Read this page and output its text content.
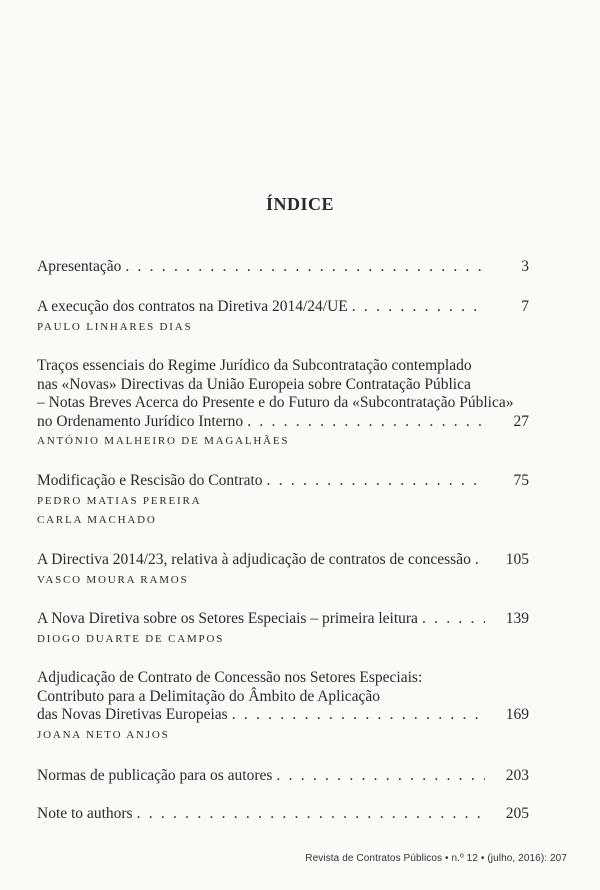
ÍNDICE
Apresentação . . .	3
A execução dos contratos na Diretiva 2014/24/UE . . .	7
PAULO LINHARES DIAS
Traços essenciais do Regime Jurídico da Subcontratação contemplado
nas «Novas» Directivas da União Europeia sobre Contratação Pública
– Notas Breves Acerca do Presente e do Futuro da «Subcontratação Pública»
no Ordenamento Jurídico Interno . . .	27
ANTÓNIO MALHEIRO DE MAGALHÃES
Modificação e Rescisão do Contrato . . .	75
PEDRO MATIAS PEREIRA
CARLA MACHADO
A Directiva 2014/23, relativa à adjudicação de contratos de concessão . . .	105
VASCO MOURA RAMOS
A Nova Diretiva sobre os Setores Especiais – primeira leitura . . .	139
DIOGO DUARTE DE CAMPOS
Adjudicação de Contrato de Concessão nos Setores Especiais:
Contributo para a Delimitação do Âmbito de Aplicação
das Novas Diretivas Europeias . . .	169
JOANA NETO ANJOS
Normas de publicação para os autores . . .	203
Note to authors . . .	205
Revista de Contratos Públicos • n.º 12 • (julho, 2016): 207
